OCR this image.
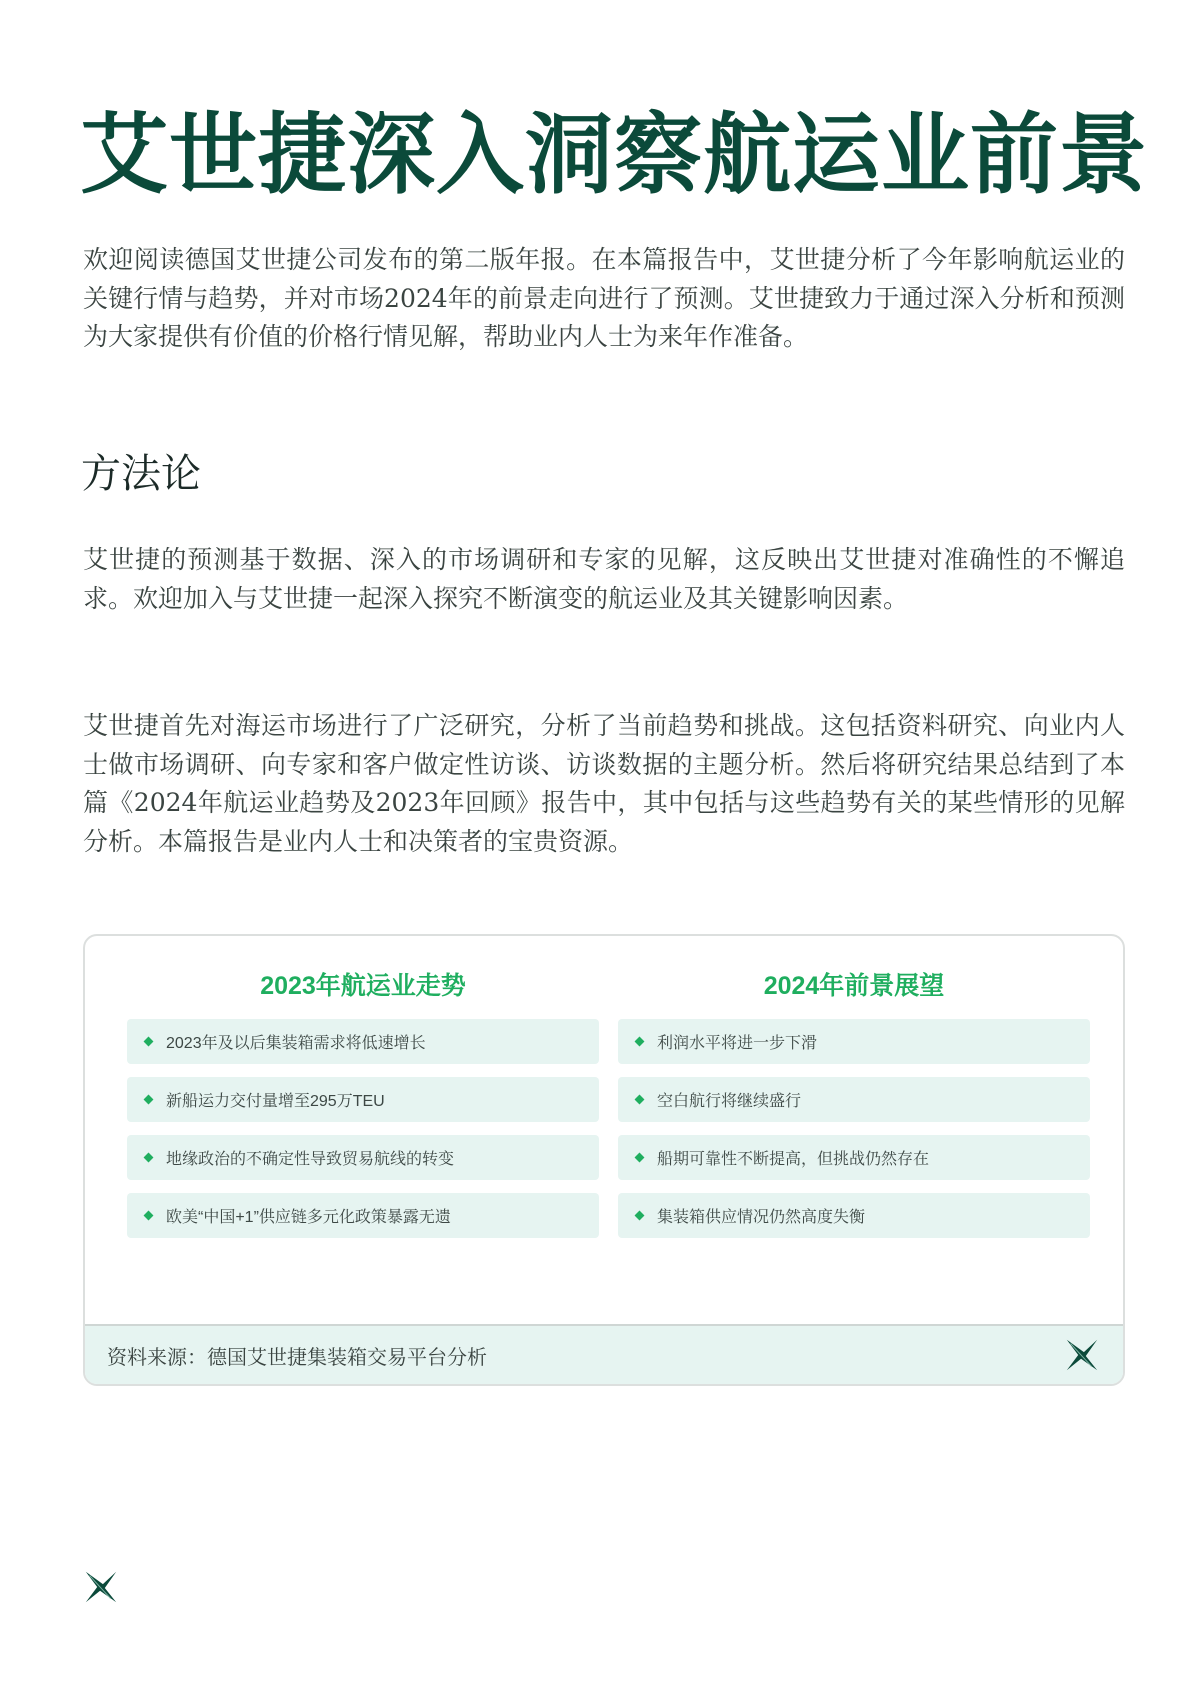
艾世捷深入洞察航运业前景

欢迎阅读德国艾世捷公司发布的第二版年报。在本篇报告中，艾世捷分析了今年影响航运业的关键行情与趋势，并对市场2024年的前景走向进行了预测。艾世捷致力于通过深入分析和预测为大家提供有价值的价格行情见解，帮助业内人士为来年作准备。

方法论

艾世捷的预测基于数据、深入的市场调研和专家的见解，这反映出艾世捷对准确性的不懈追求。欢迎加入与艾世捷一起深入探究不断演变的航运业及其关键影响因素。

艾世捷首先对海运市场进行了广泛研究，分析了当前趋势和挑战。这包括资料研究、向业内人士做市场调研、向专家和客户做定性访谈、访谈数据的主题分析。然后将研究结果总结到了本篇《2024年航运业趋势及2023年回顾》报告中，其中包括与这些趋势有关的某些情形的见解分析。本篇报告是业内人士和决策者的宝贵资源。

2023年航运业走势
2023年及以后集装箱需求将低速增长
新船运力交付量增至295万TEU
地缘政治的不确定性导致贸易航线的转变
欧美“中国+1”供应链多元化政策暴露无遗
2024年前景展望
利润水平将进一步下滑
空白航行将继续盛行
船期可靠性不断提高，但挑战仍然存在
集装箱供应情况仍然高度失衡
资料来源：德国艾世捷集装箱交易平台分析
